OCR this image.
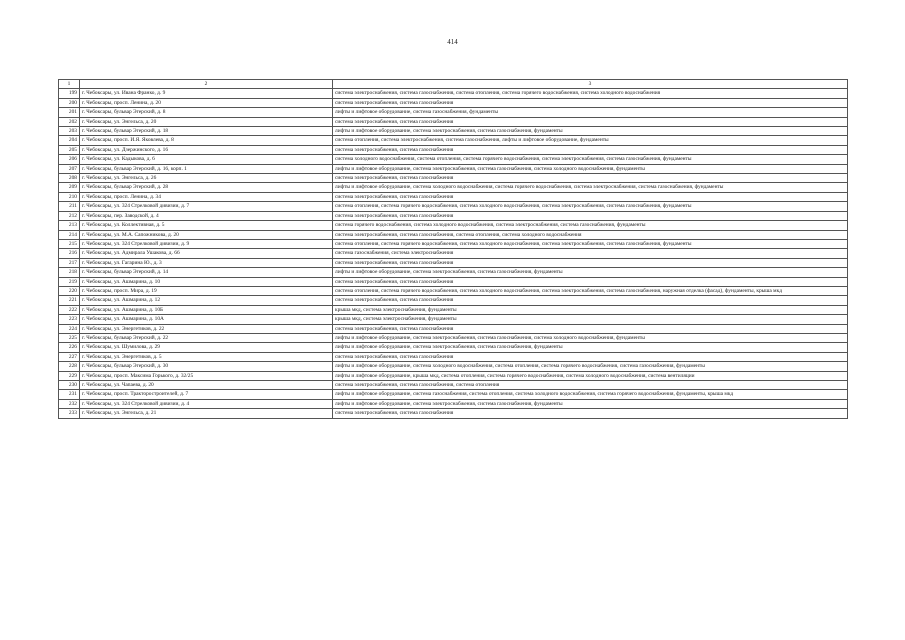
414
1	2	3
199	г. Чебоксары, ул. Ивана Франко, д. 9	система электроснабжения, система газоснабжения, система отопления, система горячего водоснабжения, система холодного водоснабжения
200	г. Чебоксары, просп. Ленина, д. 20	система электроснабжения, система газоснабжения
201	г. Чебоксары, бульвар Эгерский, д. 8	лифты и лифтовое оборудование, система газоснабжения, фундаменты
202	г. Чебоксары, ул. Энгельса, д. 20	система электроснабжения, система газоснабжения
203	г. Чебоксары, бульвар Эгерский, д. 18	лифты и лифтовое оборудование, система электроснабжения, система газоснабжения, фундаменты
204	г. Чебоксары, просп. И.Я. Яковлева, д. 8	система отопления, система электроснабжения, система газоснабжения, лифты и лифтовое оборудование, фундаменты
205	г. Чебоксары, ул. Дзержинского, д. 16	система электроснабжения, система газоснабжения
206	г. Чебоксары, ул. Кадыкова, д. 6	система холодного водоснабжения, система отопления, система горячего водоснабжения, система электроснабжения, система газоснабжения, фундаменты
207	г. Чебоксары, бульвар Эгерский, д. 16, корп. 1	лифты и лифтовое оборудование, система электроснабжения, система газоснабжения, система холодного водоснабжения, фундаменты
208	г. Чебоксары, ул. Энгельса, д. 26	система электроснабжения, система газоснабжения
209	г. Чебоксары, бульвар Эгерский, д. 28	лифты и лифтовое оборудование, система холодного водоснабжения, система горячего водоснабжения, система электроснабжения, система газоснабжения, фундаменты
210	г. Чебоксары, просп. Ленина, д. 34	система электроснабжения, система газоснабжения
211	г. Чебоксары, ул. 324 Стрелковой дивизии, д. 7	система отопления, система горячего водоснабжения, система холодного водоснабжения, система электроснабжения, система газоснабжения, фундаменты
212	г. Чебоксары, пер. Заводской, д. 4	система электроснабжения, система газоснабжения
213	г. Чебоксары, ул. Коллективная, д. 5	система горячего водоснабжения, система холодного водоснабжения, система электроснабжения, система газоснабжения, фундаменты
214	г. Чебоксары, ул. М.А. Сапожникова, д. 20	система электроснабжения, система газоснабжения, система отопления, система холодного водоснабжения
215	г. Чебоксары, ул. 324 Стрелковой дивизии, д. 9	система отопления, система горячего водоснабжения, система холодного водоснабжения, система электроснабжения, система газоснабжения, фундаменты
216	г. Чебоксары, ул. Адмирала Ушакова, д. 66	система газоснабжения, система электроснабжения
217	г. Чебоксары, ул. Гагарина Ю., д. 3	система электроснабжения, система газоснабжения
218	г. Чебоксары, бульвар Эгерский, д. 14	лифты и лифтовое оборудование, система электроснабжения, система газоснабжения, фундаменты
219	г. Чебоксары, ул. Ашмарина, д. 10	система электроснабжения, система газоснабжения
220	г. Чебоксары, просп. Мира, д. 19	система отопления, система горячего водоснабжения, система холодного водоснабжения, система электроснабжения, система газоснабжения, наружная отделка (фасад), фундаменты, крыша мкд
221	г. Чебоксары, ул. Ашмарина, д. 12	система электроснабжения, система газоснабжения
222	г. Чебоксары, ул. Ашмарина, д. 10Б	крыша мкд, система электроснабжения, фундаменты
223	г. Чебоксары, ул. Ашмарина, д. 10А	крыша мкд, система электроснабжения, фундаменты
224	г. Чебоксары, ул. Энергетиков, д. 22	система электроснабжения, система газоснабжения
225	г. Чебоксары, бульвар Эгерский, д. 22	лифты и лифтовое оборудование, система электроснабжения, система газоснабжения, система холодного водоснабжения, фундаменты
226	г. Чебоксары, ул. Шумилова, д. 29	лифты и лифтовое оборудование, система электроснабжения, система газоснабжения, фундаменты
227	г. Чебоксары, ул. Энергетиков, д. 5	система электроснабжения, система газоснабжения
228	г. Чебоксары, бульвар Эгерский, д. 30	лифты и лифтовое оборудование, система холодного водоснабжения, система отопления, система горячего водоснабжения, система газоснабжения, фундаменты
229	г. Чебоксары, просп. Максима Горького, д. 32/25	лифты и лифтовое оборудование, крыша мкд, система отопления, система горячего водоснабжения, система холодного водоснабжения, система вентиляции
230	г. Чебоксары, ул. Чапаева, д. 20	система электроснабжения, система газоснабжения, система отопления
231	г. Чебоксары, просп. Тракторостроителей, д. 7	лифты и лифтовое оборудование, система газоснабжения, система отопления, система холодного водоснабжения, система горячего водоснабжения, фундаменты, крыша мкд
232	г. Чебоксары, ул. 324 Стрелковой дивизии, д. 4	лифты и лифтовое оборудование, система электроснабжения, система газоснабжения, фундаменты
233	г. Чебоксары, ул. Энгельса, д. 21	система электроснабжения, система газоснабжения
